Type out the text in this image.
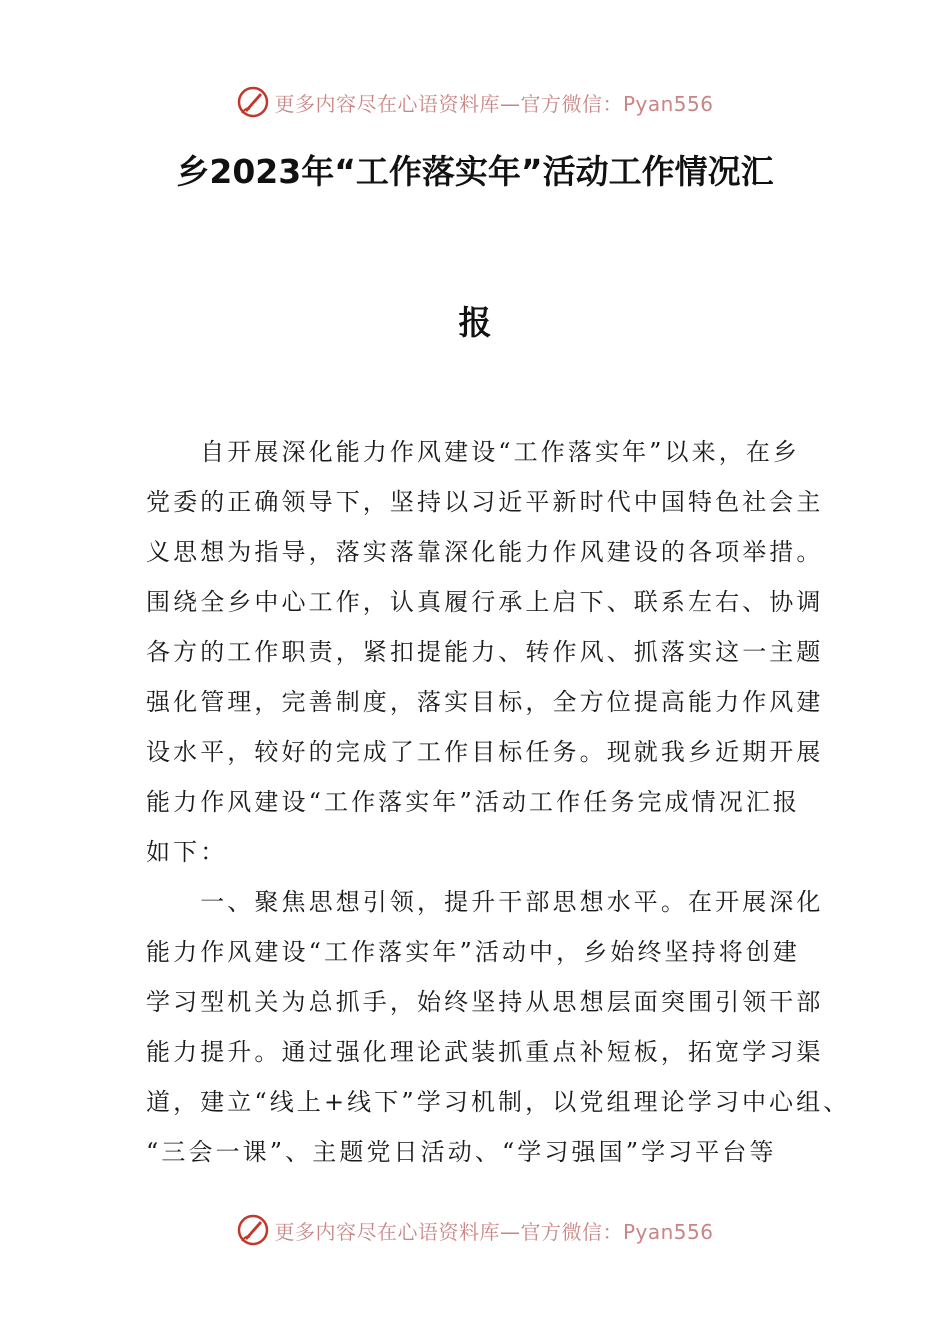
更多内容尽在心语资料库—官方微信：Pyan556
乡2023年“工作落实年”活动工作情况汇
报
　　自开展深化能力作风建设“工作落实年”以来，在乡
党委的正确领导下，坚持以习近平新时代中国特色社会主
义思想为指导，落实落靠深化能力作风建设的各项举措。
围绕全乡中心工作，认真履行承上启下、联系左右、协调
各方的工作职责，紧扣提能力、转作风、抓落实这一主题
强化管理，完善制度，落实目标，全方位提高能力作风建
设水平，较好的完成了工作目标任务。现就我乡近期开展
能力作风建设“工作落实年”活动工作任务完成情况汇报
如下：
　　一、聚焦思想引领，提升干部思想水平。在开展深化
能力作风建设“工作落实年”活动中，乡始终坚持将创建
学习型机关为总抓手，始终坚持从思想层面突围引领干部
能力提升。通过强化理论武装抓重点补短板，拓宽学习渠
道，建立“线上+线下”学习机制，以党组理论学习中心组、
“三会一课”、主题党日活动、“学习强国”学习平台等
更多内容尽在心语资料库—官方微信：Pyan556
